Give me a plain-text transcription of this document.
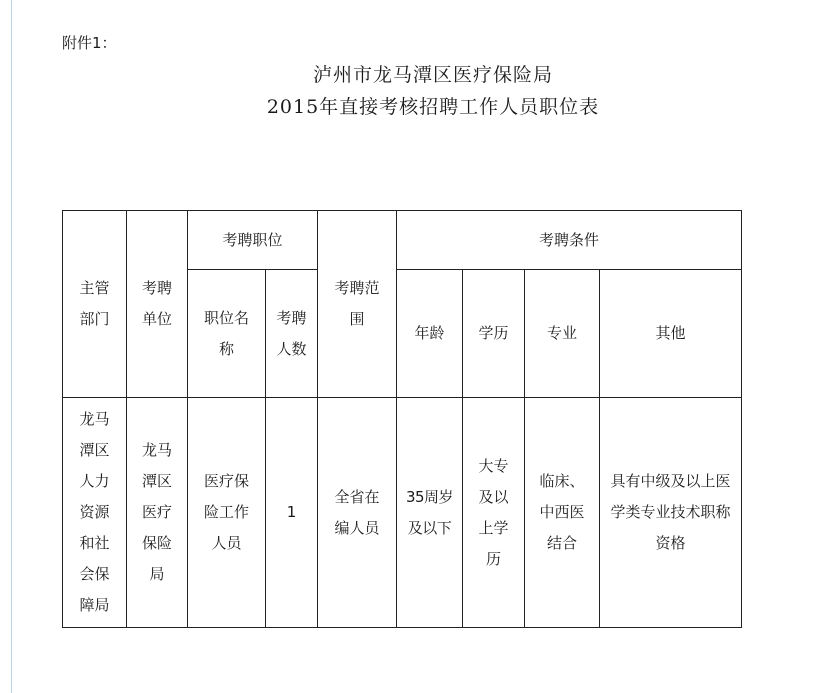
附件1：
泸州市龙马潭区医疗保险局
2015年直接考核招聘工作人员职位表
主管部门	考聘单位	考聘职位		考聘范围	考聘条件			
		职位名称	考聘人数		年龄	学历	专业	其他
龙马潭区人力资源和社会保障局	龙马潭区医疗保险局	医疗保险工作人员	1	全省在编人员	35周岁及以下	大专及以上学历	临床、中西医结合	具有中级及以上医学类专业技术职称资格
